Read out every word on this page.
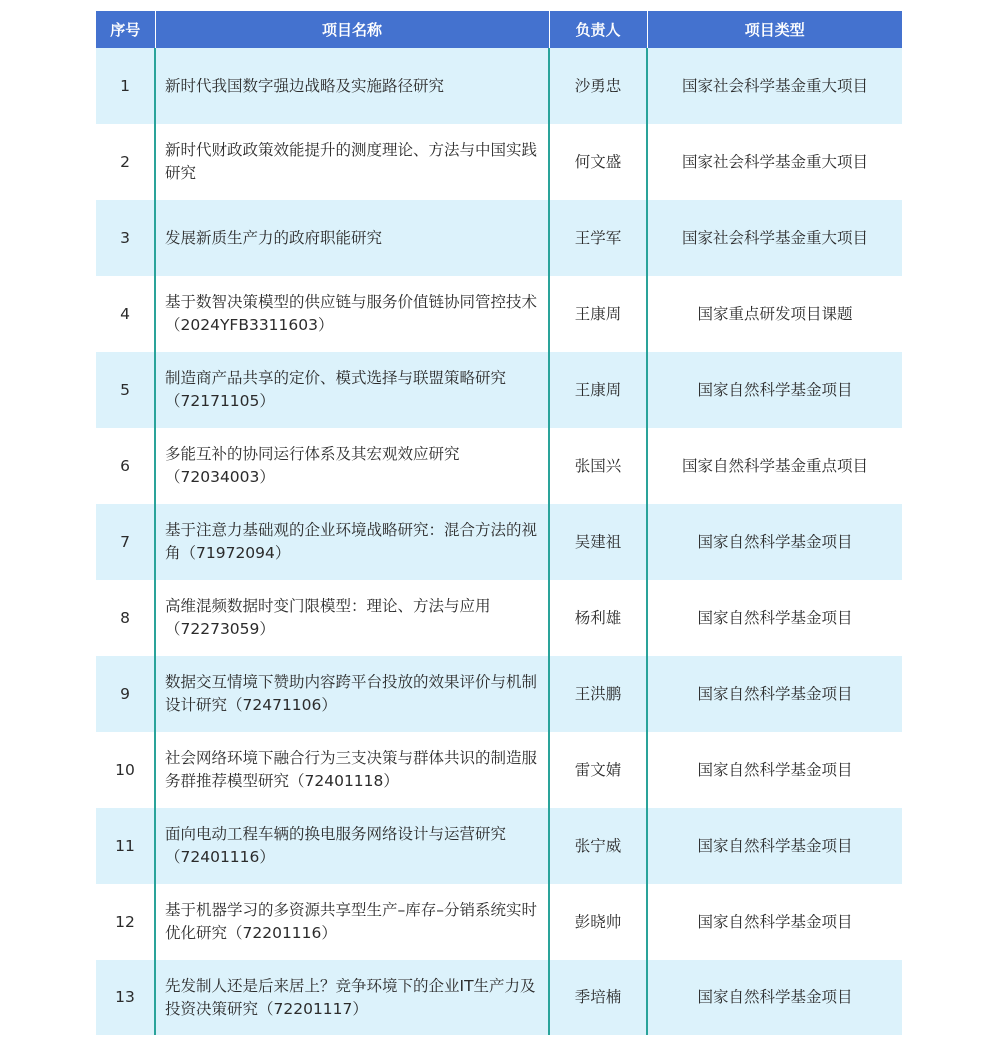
序号	项目名称	负责人	项目类型
1	新时代我国数字强边战略及实施路径研究	沙勇忠	国家社会科学基金重大项目
2	新时代财政政策效能提升的测度理论、方法与中国实践研究	何文盛	国家社会科学基金重大项目
3	发展新质生产力的政府职能研究	王学军	国家社会科学基金重大项目
4	基于数智决策模型的供应链与服务价值链协同管控技术（2024YFB3311603）	王康周	国家重点研发项目课题
5	制造商产品共享的定价、模式选择与联盟策略研究（72171105）	王康周	国家自然科学基金项目
6	多能互补的协同运行体系及其宏观效应研究（72034003）	张国兴	国家自然科学基金重点项目
7	基于注意力基础观的企业环境战略研究：混合方法的视角（71972094）	吴建祖	国家自然科学基金项目
8	高维混频数据时变门限模型：理论、方法与应用（72273059）	杨利雄	国家自然科学基金项目
9	数据交互情境下赞助内容跨平台投放的效果评价与机制设计研究（72471106）	王洪鹏	国家自然科学基金项目
10	社会网络环境下融合行为三支决策与群体共识的制造服务群推荐模型研究（72401118）	雷文婧	国家自然科学基金项目
11	面向电动工程车辆的换电服务网络设计与运营研究（72401116）	张宁威	国家自然科学基金项目
12	基于机器学习的多资源共享型生产–库存–分销系统实时优化研究（72201116）	彭晓帅	国家自然科学基金项目
13	先发制人还是后来居上？竞争环境下的企业IT生产力及投资决策研究（72201117）	季培楠	国家自然科学基金项目
